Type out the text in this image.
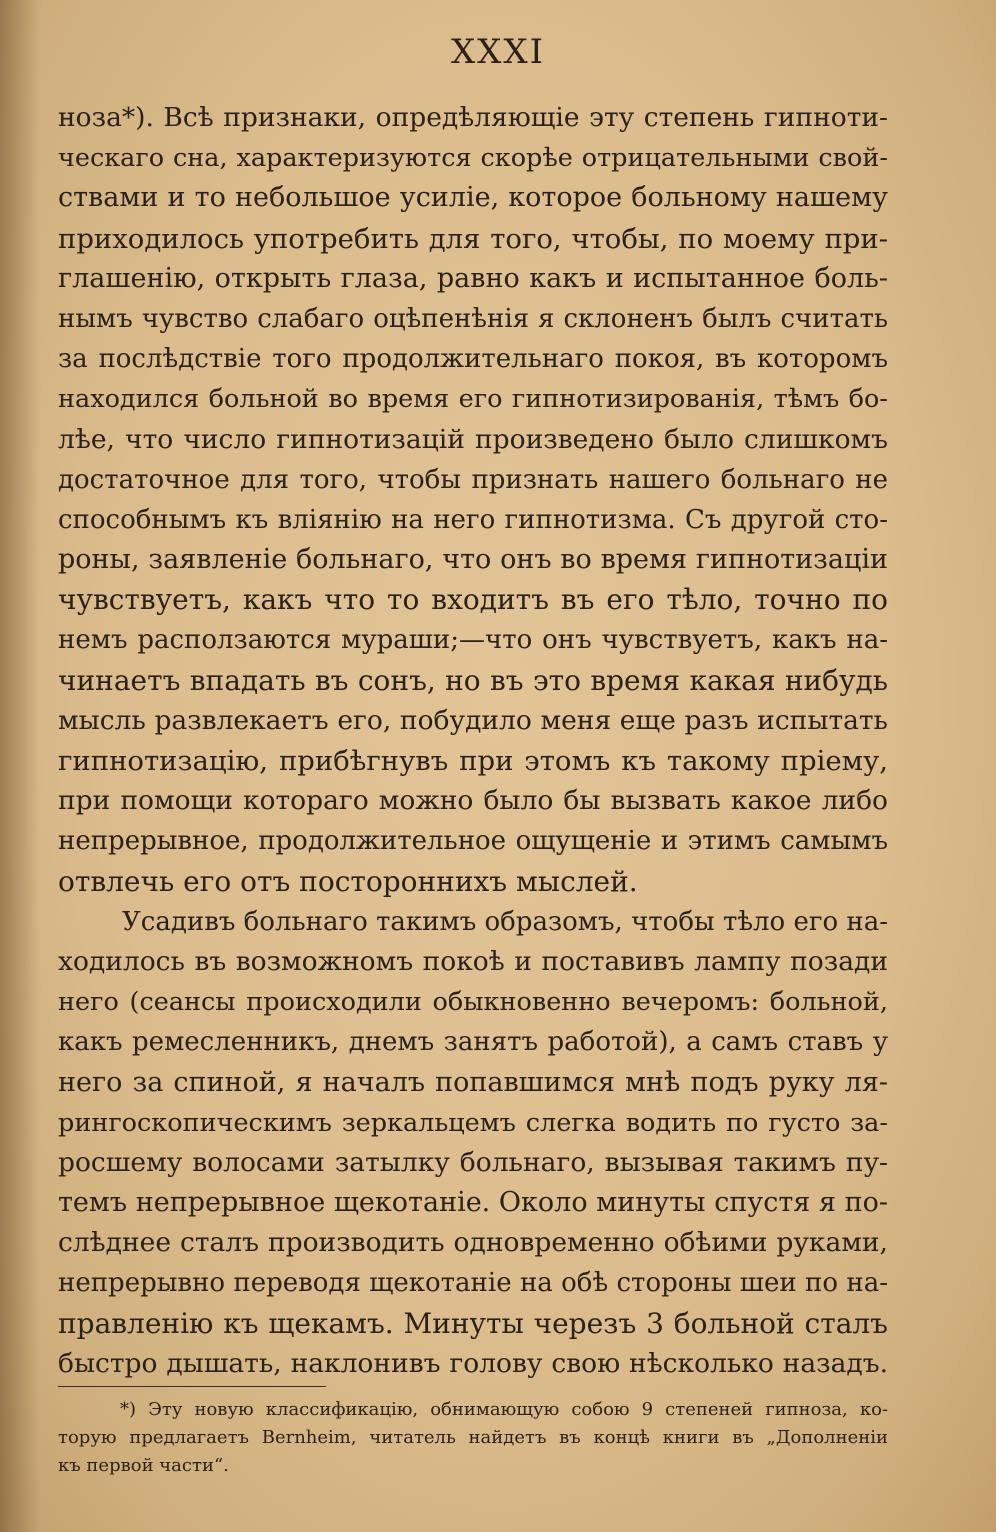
XXXI
ноза*). Всѣ признаки, опредѣляющіе эту степень гипноти-
ческаго сна, характеризуются скорѣе отрицательными свой-
ствами и то небольшое усиліе, которое больному нашему
приходилось употребить для того, чтобы, по моему при-
глашенію, открыть глаза, равно какъ и испытанное боль-
нымъ чувство слабаго оцѣпенѣнія я склоненъ былъ считать
за послѣдствіе того продолжительнаго покоя, въ которомъ
находился больной во время его гипнотизированія, тѣмъ бо-
лѣе, что число гипнотизацій произведено было слишкомъ
достаточное для того, чтобы признать нашего больнаго не
способнымъ къ вліянію на него гипнотизма. Съ другой сто-
роны, заявленіе больнаго, что онъ во время гипнотизаціи
чувствуетъ, какъ что то входитъ въ его тѣло, точно по
немъ расползаются мураши;—что онъ чувствуетъ, какъ на-
чинаетъ впадать въ сонъ, но въ это время какая нибудь
мысль развлекаетъ его, побудило меня еще разъ испытать
гипнотизацію, прибѣгнувъ при этомъ къ такому пріему,
при помощи котораго можно было бы вызвать какое либо
непрерывное, продолжительное ощущеніе и этимъ самымъ
отвлечь его отъ постороннихъ мыслей.
Усадивъ больнаго такимъ образомъ, чтобы тѣло его на-
ходилось въ возможномъ покоѣ и поставивъ лампу позади
него (сеансы происходили обыкновенно вечеромъ: больной,
какъ ремесленникъ, днемъ занятъ работой), а самъ ставъ у
него за спиной, я началъ попавшимся мнѣ подъ руку ля-
рингоскопическимъ зеркальцемъ слегка водить по густо за-
росшему волосами затылку больнаго, вызывая такимъ пу-
темъ непрерывное щекотаніе. Около минуты спустя я по-
слѣднее сталъ производить одновременно обѣими руками,
непрерывно переводя щекотаніе на обѣ стороны шеи по на-
правленію къ щекамъ. Минуты черезъ 3 больной сталъ
быстро дышать, наклонивъ голову свою нѣсколько назадъ.
*) Эту новую классификацію, обнимающую собою 9 степеней гипноза, ко-
торую предлагаетъ Bernheim, читатель найдетъ въ концѣ книги въ „Дополненіи
къ первой части“.
